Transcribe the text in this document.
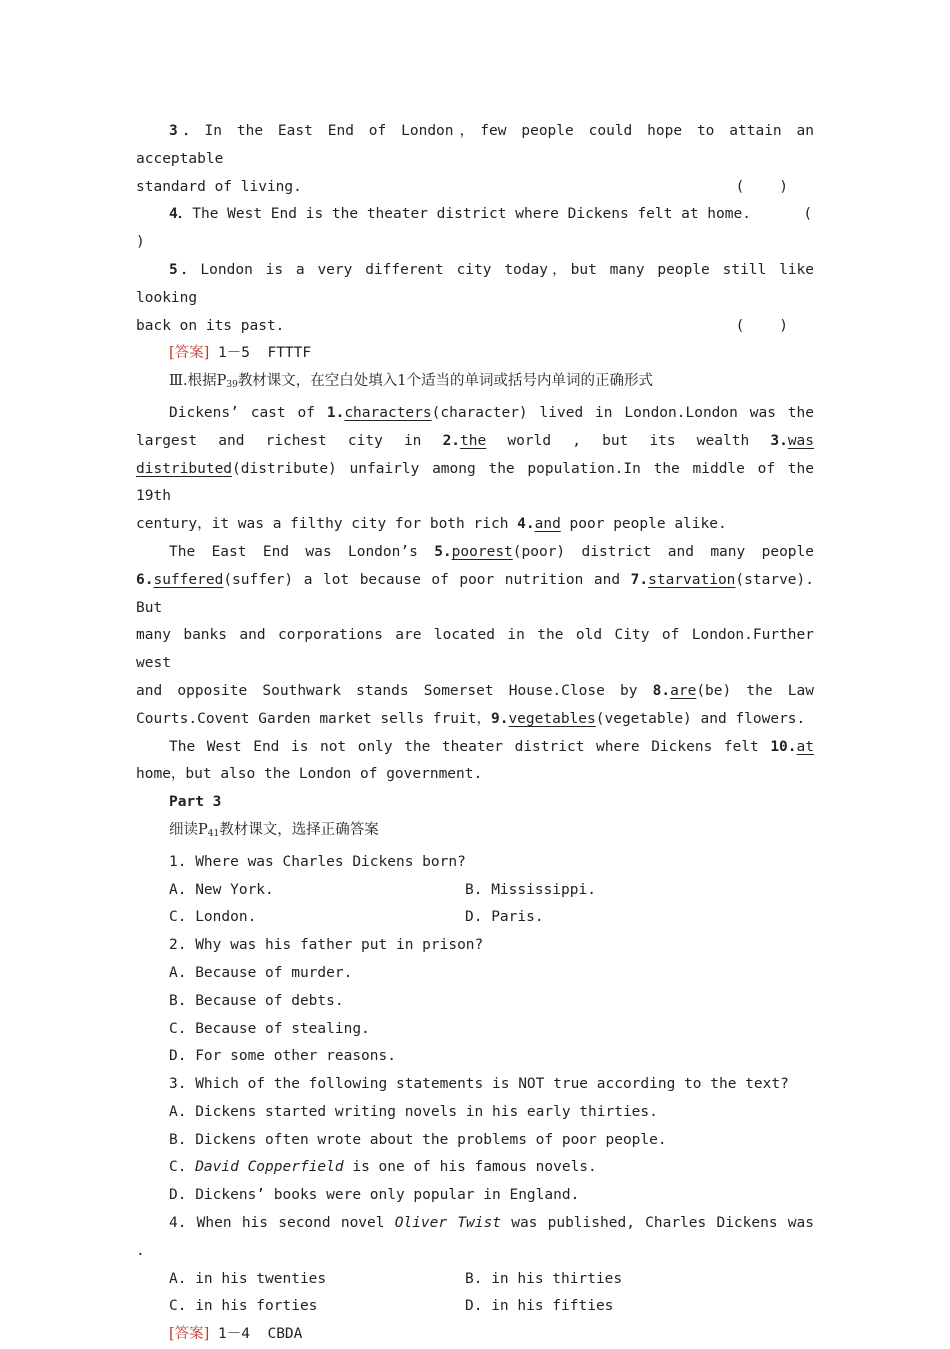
3．In the East End of London，few people could hope to attain an acceptable

standard of living.	(    )

4．The West End is the theater district where Dickens felt at home.      (

)

5．London is a very different city today，but many people still like looking

back on its past.	(    )

[答案] 1－5  FTTTF

Ⅲ.根据$P_{39}$教材课文，在空白处填入1个适当的单词或括号内单词的正确形式

Dickens’ cast of 1.characters(character) lived in London.London was the

largest and richest city in 2.the world , but its wealth 3.was

distributed(distribute) unfairly among the population.In the middle of the 19th

century，it was a filthy city for both rich 4.and poor people alike.

The East End was London’s 5.poorest(poor) district and many people

6.suffered(suffer) a lot because of poor nutrition and 7.starvation(starve). But

many banks and corporations are located in the old City of London.Further west

and opposite Southwark stands Somerset House.Close by 8.are(be) the Law

Courts.Covent Garden market sells fruit，9.vegetables(vegetable) and flowers.

The West End is not only the theater district where Dickens felt 10.at

home，but also the London of government.

Part 3

细读$P_{41}$教材课文，选择正确答案

1. Where was Charles Dickens born?

A. New York.	B. Mississippi.
C. London.	D. Paris.

2. Why was his father put in prison?

A. Because of murder.

B. Because of debts.

C. Because of stealing.

D. For some other reasons.

3. Which of the following statements is NOT true according to the text?

A. Dickens started writing novels in his early thirties.

B. Dickens often wrote about the problems of poor people.

C. David Copperfield is one of his famous novels.

D. Dickens’ books were only popular in England.

4. When his second novel Oliver Twist was published, Charles Dickens was

.

A. in his twenties	B. in his thirties
C. in his forties	D. in his fifties

[答案] 1－4  CBDA
